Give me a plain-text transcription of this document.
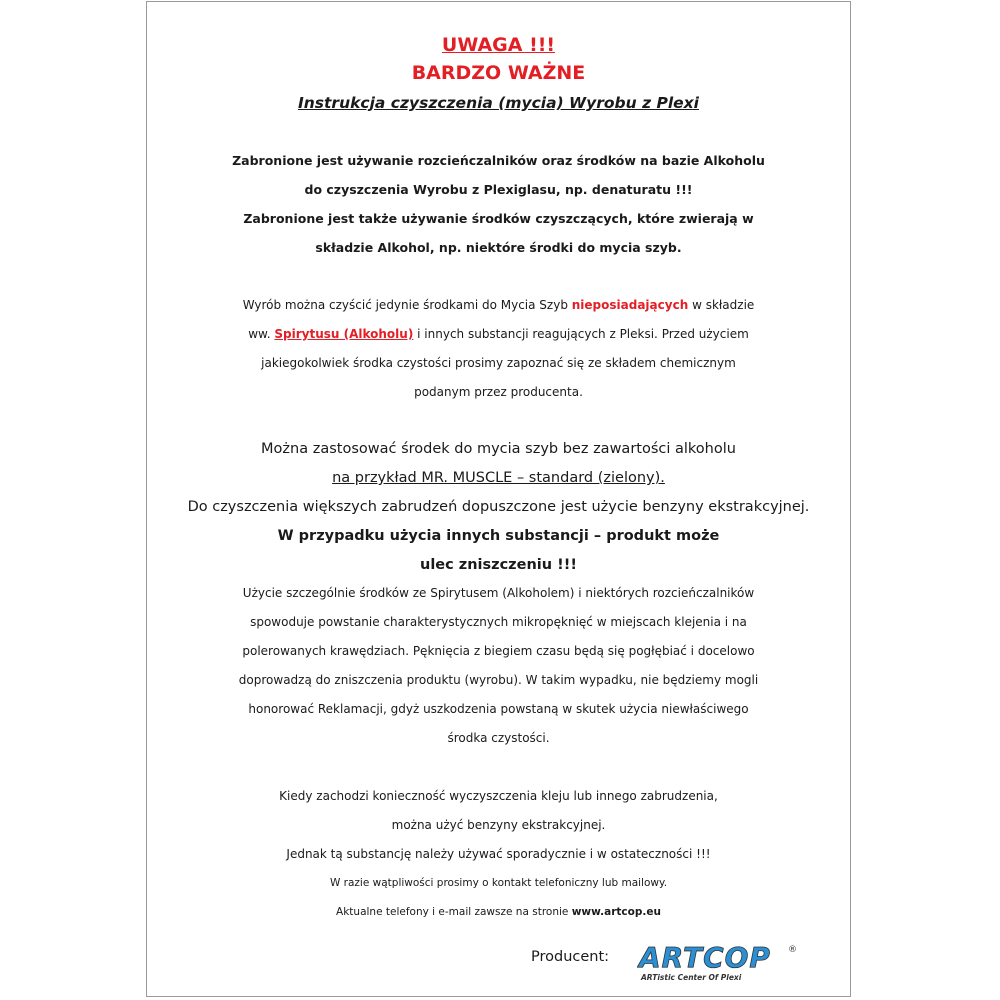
UWAGA !!!
BARDZO WAŻNE
Instrukcja czyszczenia (mycia) Wyrobu z Plexi
Zabronione jest używanie rozcieńczalników oraz środków na bazie Alkoholu
do czyszczenia Wyrobu z Plexiglasu, np. denaturatu !!!
Zabronione jest także używanie środków czyszczących, które zwierają w
składzie Alkohol, np. niektóre środki do mycia szyb.
Wyrób można czyścić jedynie środkami do Mycia Szyb nieposiadających w składzie
ww. Spirytusu (Alkoholu) i innych substancji reagujących z Pleksi. Przed użyciem
jakiegokolwiek środka czystości prosimy zapoznać się ze składem chemicznym
podanym przez producenta.
Można zastosować środek do mycia szyb bez zawartości alkoholu
na przykład MR. MUSCLE – standard (zielony).
Do czyszczenia większych zabrudzeń dopuszczone jest użycie benzyny ekstrakcyjnej.
W przypadku użycia innych substancji – produkt może
ulec zniszczeniu !!!
Użycie szczególnie środków ze Spirytusem (Alkoholem) i niektórych rozcieńczalników
spowoduje powstanie charakterystycznych mikropęknięć w miejscach klejenia i na
polerowanych krawędziach. Pęknięcia z biegiem czasu będą się pogłębiać i docelowo
doprowadzą do zniszczenia produktu (wyrobu). W takim wypadku, nie będziemy mogli
honorować Reklamacji, gdyż uszkodzenia powstaną w skutek użycia niewłaściwego
środka czystości.
Kiedy zachodzi konieczność wyczyszczenia kleju lub innego zabrudzenia,
można użyć benzyny ekstrakcyjnej.
Jednak tą substancję należy używać sporadycznie i w ostateczności !!!
W razie wątpliwości prosimy o kontakt telefoniczny lub mailowy.
Aktualne telefony i e-mail zawsze na stronie www.artcop.eu
Producent: ARTCOP ®
ARTistic Center Of Plexi
